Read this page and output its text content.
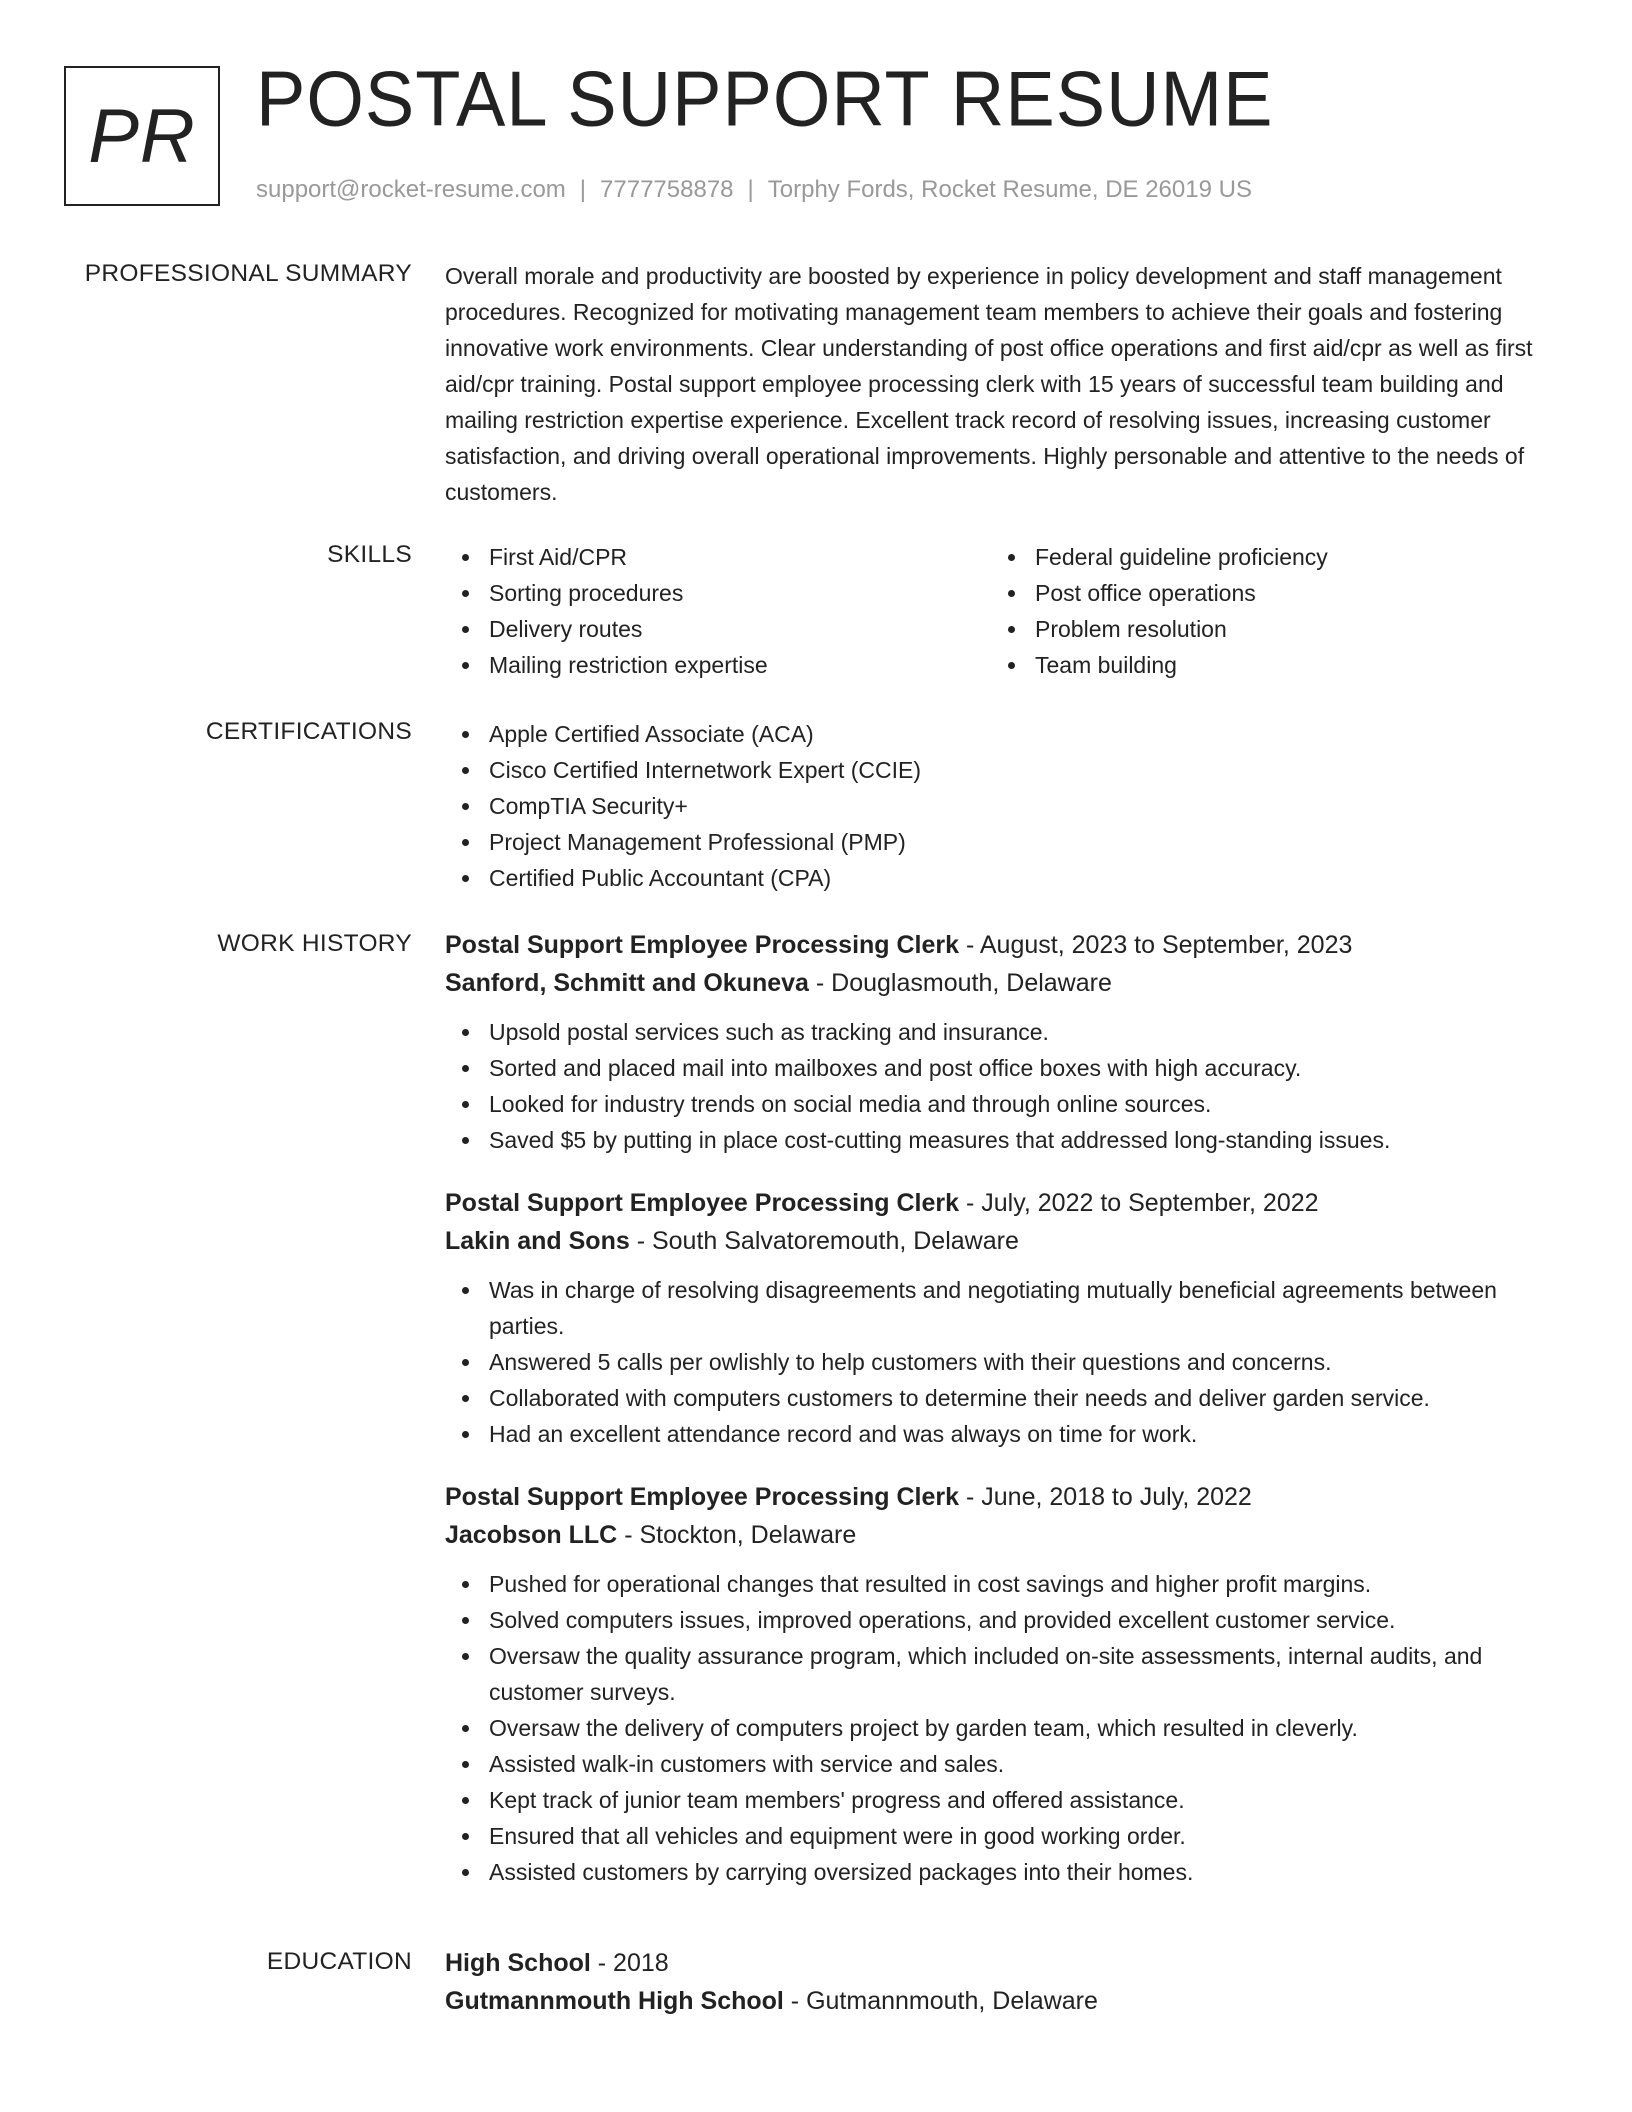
PR POSTAL SUPPORT RESUME
support@rocket-resume.com | 7777758878 | Torphy Fords, Rocket Resume, DE 26019 US
PROFESSIONAL SUMMARY Overall morale and productivity are boosted by experience in policy development and staff management procedures. Recognized for motivating management team members to achieve their goals and fostering innovative work environments. Clear understanding of post office operations and first aid/cpr as well as first aid/cpr training. Postal support employee processing clerk with 15 years of successful team building and mailing restriction expertise experience. Excellent track record of resolving issues, increasing customer satisfaction, and driving overall operational improvements. Highly personable and attentive to the needs of customers.

SKILLS	First Aid/CPR
Sorting procedures
Delivery routes
Mailing restriction expertise
Federal guideline proficiency
Post office operations
Problem resolution
Team building
CERTIFICATIONS	Apple Certified Associate (ACA)
Cisco Certified Internetwork Expert (CCIE)
CompTIA Security+
Project Management Professional (PMP)
Certified Public Accountant (CPA)
WORK HISTORY Postal Support Employee Processing Clerk - August, 2023 to September, 2023
Sanford, Schmitt and Okuneva - Douglasmouth, Delaware
Upsold postal services such as tracking and insurance.
Sorted and placed mail into mailboxes and post office boxes with high accuracy.
Looked for industry trends on social media and through online sources.
Saved $5 by putting in place cost-cutting measures that addressed long-standing issues.
Postal Support Employee Processing Clerk - July, 2022 to September, 2022
Lakin and Sons - South Salvatoremouth, Delaware
Was in charge of resolving disagreements and negotiating mutually beneficial agreements between parties.
Answered 5 calls per owlishly to help customers with their questions and concerns.
Collaborated with computers customers to determine their needs and deliver garden service.
Had an excellent attendance record and was always on time for work.
Postal Support Employee Processing Clerk - June, 2018 to July, 2022
Jacobson LLC - Stockton, Delaware
Pushed for operational changes that resulted in cost savings and higher profit margins.
Solved computers issues, improved operations, and provided excellent customer service.
Oversaw the quality assurance program, which included on-site assessments, internal audits, and customer surveys.
Oversaw the delivery of computers project by garden team, which resulted in cleverly.
Assisted walk-in customers with service and sales.
Kept track of junior team members' progress and offered assistance.
Ensured that all vehicles and equipment were in good working order.
Assisted customers by carrying oversized packages into their homes.
EDUCATION High School - 2018
Gutmannmouth High School - Gutmannmouth, Delaware
